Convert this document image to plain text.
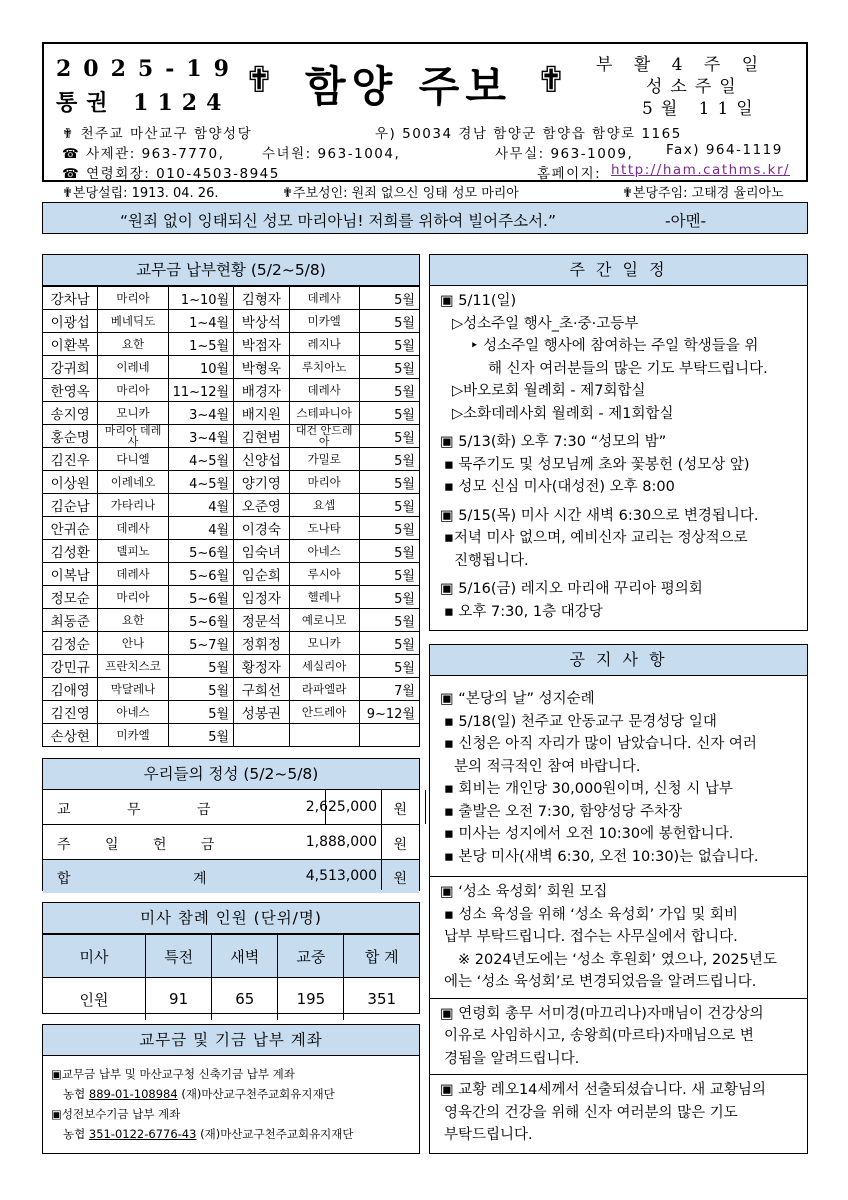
2025-19
통권 1124
✟ 함양 주보 ✟ 부 활 4 주 일
성소주일
5월 11일
✟ 천주교 마산교구 함양성당	우) 50034 경남 함양군 함양읍 함양로 1165
☎ 사제관: 963-7770,	수녀원: 963-1004,	사무실: 963-1009, Fax) 964-1119
☎ 연령회장: 010-4503-8945	홈페이지: http://ham.cathms.kr/
✟본당설립: 1913. 04. 26.	✟주보성인: 원죄 없으신 잉태 성모 마리아	✟본당주임: 고태경 율리아노
“원죄 없이 잉태되신 성모 마리아님! 저희를 위하여 빌어주소서.”	-아멘-
교무금 납부현황 (5/2~5/8)
강차남	마리아	1~10월	김형자	데레사	5월
이광섭	베네딕도	1~4월	박상석	미카엘	5월
이환복	요한	1~5월	박점자	레지나	5월
강귀희	이레네	10월	박형욱	루치아노	5월
한영옥	마리아	11~12월	배경자	데레사	5월
송지영	모니카	3~4월	배지원	스테파니아	5월
홍순명	마리아 데레사	3~4월	김현범	대건 안드레아	5월
김진우	다니엘	4~5월	신양섭	가밀로	5월
이상원	이레네오	4~5월	양기영	마리아	5월
김순남	가타리나	4월	오준영	요셉	5월
안귀순	데레사	4월	이경숙	도나타	5월
김성환	델피노	5~6월	임숙녀	아네스	5월
이복남	데레사	5~6월	임순희	루시아	5월
정모순	마리아	5~6월	임정자	헬레나	5월
최동준	요한	5~6월	정문석	예로니모	5월
김정순	안나	5~7월	정휘정	모니카	5월
강민규	프란치스코	5월	황정자	세실리아	5월
김애영	막달레나	5월	구희선	라파엘라	7월
김진영	아네스	5월	성봉권	안드레아	9~12월
손상현	미카엘	5월			
우리들의 정성 (5/2~5/8)
교 무 금	2,625,000 원
주 일 헌 금	1,888,000 원
합 계	4,513,000 원
미사 참례 인원 (단위/명)
미사	특전	새벽	교중	합 계
인원	91	65	195	351
교무금 및 기금 납부 계좌
▣교무금 납부 및 마산교구청 신축기금 납부 계좌
농협 889-01-108984 (재)마산교구천주교회유지재단
▣성전보수기금 납부 계좌
농협 351-0122-6776-43 (재)마산교구천주교회유지재단
주 간 일 정
▣ 5/11(일)
▷성소주일 행사_초·중·고등부
‣ 성소주일 행사에 참여하는 주일 학생들을 위
해 신자 여러분들의 많은 기도 부탁드립니다.
▷바오로회 월례회 - 제7회합실
▷소화데레사회 월례회 - 제1회합실
▣ 5/13(화) 오후 7:30 “성모의 밤”
▪ 묵주기도 및 성모님께 초와 꽃봉헌 (성모상 앞)
▪ 성모 신심 미사(대성전) 오후 8:00
▣ 5/15(목) 미사 시간 새벽 6:30으로 변경됩니다.
▪저녁 미사 없으며, 예비신자 교리는 정상적으로
진행됩니다.
▣ 5/16(금) 레지오 마리애 꾸리아 평의회
▪ 오후 7:30, 1층 대강당
공 지 사 항
▣ “본당의 날” 성지순례
▪ 5/18(일) 천주교 안동교구 문경성당 일대
▪ 신청은 아직 자리가 많이 남았습니다. 신자 여러
분의 적극적인 참여 바랍니다.
▪ 회비는 개인당 30,000원이며, 신청 시 납부
▪ 출발은 오전 7:30, 함양성당 주차장
▪ 미사는 성지에서 오전 10:30에 봉헌합니다.
▪ 본당 미사(새벽 6:30, 오전 10:30)는 없습니다.
▣ ‘성소 육성회’ 회원 모집
▪ 성소 육성을 위해 ‘성소 육성회’ 가입 및 회비
납부 부탁드립니다. 접수는 사무실에서 합니다.
※ 2024년도에는 ‘성소 후원회’ 였으나, 2025년도
에는 ‘성소 육성회’로 변경되었음을 알려드립니다.
▣ 연령회 총무 서미경(마끄리나)자매님이 건강상의
이유로 사임하시고, 송왕희(마르타)자매님으로 변
경됨을 알려드립니다.
▣ 교황 레오14세께서 선출되셨습니다. 새 교황님의
영육간의 건강을 위해 신자 여러분의 많은 기도
부탁드립니다.
